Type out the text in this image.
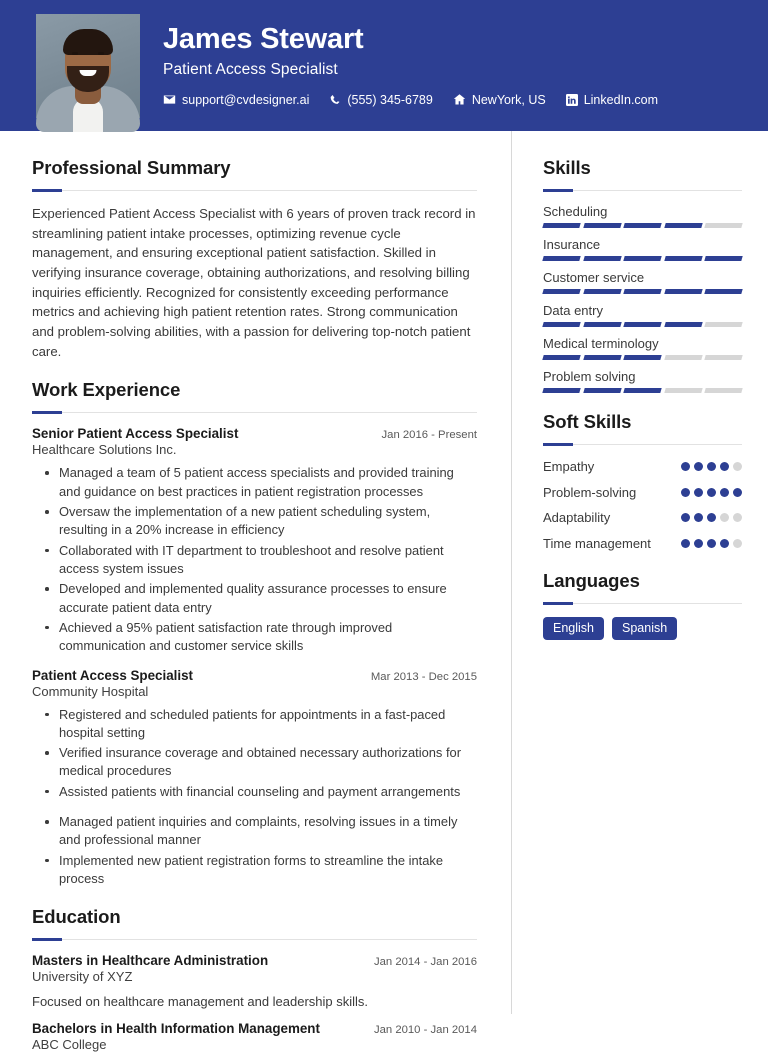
James Stewart
Patient Access Specialist
support@cvdesigner.ai	(555) 345-6789	NewYork, US	LinkedIn.com
Professional Summary
Experienced Patient Access Specialist with 6 years of proven track record in streamlining patient intake processes, optimizing revenue cycle management, and ensuring exceptional patient satisfaction. Skilled in verifying insurance coverage, obtaining authorizations, and resolving billing inquiries efficiently. Recognized for consistently exceeding performance metrics and achieving high patient retention rates. Strong communication and problem-solving abilities, with a passion for delivering top-notch patient care.
Work Experience
Senior Patient Access Specialist	Jan 2016 - Present
Healthcare Solutions Inc.
Managed a team of 5 patient access specialists and provided training and guidance on best practices in patient registration processes
Oversaw the implementation of a new patient scheduling system, resulting in a 20% increase in efficiency
Collaborated with IT department to troubleshoot and resolve patient access system issues
Developed and implemented quality assurance processes to ensure accurate patient data entry
Achieved a 95% patient satisfaction rate through improved communication and customer service skills
Patient Access Specialist	Mar 2013 - Dec 2015
Community Hospital
Registered and scheduled patients for appointments in a fast-paced hospital setting
Verified insurance coverage and obtained necessary authorizations for medical procedures
Assisted patients with financial counseling and payment arrangements
Managed patient inquiries and complaints, resolving issues in a timely and professional manner
Implemented new patient registration forms to streamline the intake process
Education
Masters in Healthcare Administration	Jan 2014 - Jan 2016
University of XYZ
Focused on healthcare management and leadership skills.
Bachelors in Health Information Management	Jan 2010 - Jan 2014
ABC College
Skills
Scheduling
Insurance
Customer service
Data entry
Medical terminology
Problem solving
Soft Skills
Empathy
Problem-solving
Adaptability
Time management
Languages
English	Spanish
